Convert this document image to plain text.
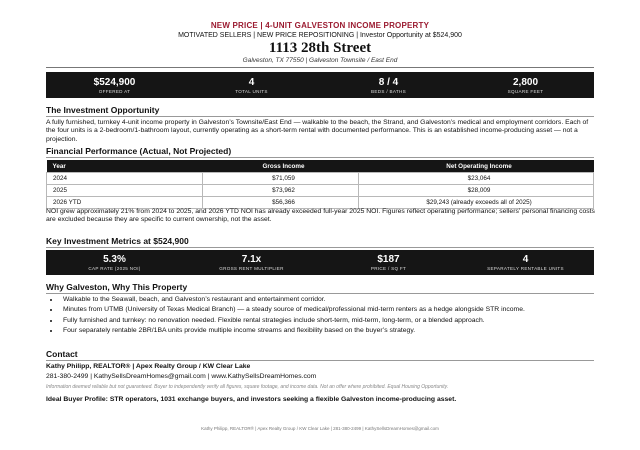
NEW PRICE | 4-UNIT GALVESTON INCOME PROPERTY
MOTIVATED SELLERS | NEW PRICE REPOSITIONING | Investor Opportunity at $524,900
1113 28th Street
Galveston, TX 77550 | Galveston Townsite / East End
$524,900
OFFERED AT
4
TOTAL UNITS
8 / 4
BEDS / BATHS
2,800
SQUARE FEET
The Investment Opportunity
A fully furnished, turnkey 4-unit income property in Galveston’s Townsite/East End — walkable to the beach, the Strand, and Galveston’s medical and employment corridors. Each of the four units is a 2-bedroom/1-bathroom layout, currently operating as a short-term rental with documented performance. This is an established income-producing asset — not a projection.
Financial Performance (Actual, Not Projected)
Year	Gross Income	Net Operating Income
2024	$71,059	$23,064
2025	$73,962	$28,009
2026 YTD	$56,366	$29,243 (already exceeds all of 2025)
NOI grew approximately 21% from 2024 to 2025, and 2026 YTD NOI has already exceeded full-year 2025 NOI. Figures reflect operating performance; sellers’ personal financing costs are excluded because they are specific to current ownership, not the asset.
Key Investment Metrics at $524,900
5.3%
CAP RATE (2025 NOI)
7.1x
GROSS RENT MULTIPLIER
$187
PRICE / SQ FT
4
SEPARATELY RENTABLE UNITS
Why Galveston, Why This Property
• Walkable to the Seawall, beach, and Galveston’s restaurant and entertainment corridor.
• Minutes from UTMB (University of Texas Medical Branch) — a steady source of medical/professional mid-term renters as a hedge alongside STR income.
• Fully furnished and turnkey: no renovation needed. Flexible rental strategies include short-term, mid-term, long-term, or a blended approach.
• Four separately rentable 2BR/1BA units provide multiple income streams and flexibility based on the buyer’s strategy.
Contact
Kathy Philipp, REALTOR® | Apex Realty Group / KW Clear Lake
281-380-2499 | KathySellsDreamHomes@gmail.com | www.KathySellsDreamHomes.com
Information deemed reliable but not guaranteed. Buyer to independently verify all figures, square footage, and income data. Not an offer where prohibited. Equal Housing Opportunity.
Ideal Buyer Profile: STR operators, 1031 exchange buyers, and investors seeking a flexible Galveston income-producing asset.
Kathy Philipp, REALTOR® | Apex Realty Group / KW Clear Lake | 281-380-2499 | KathySellsDreamHomes@gmail.com
